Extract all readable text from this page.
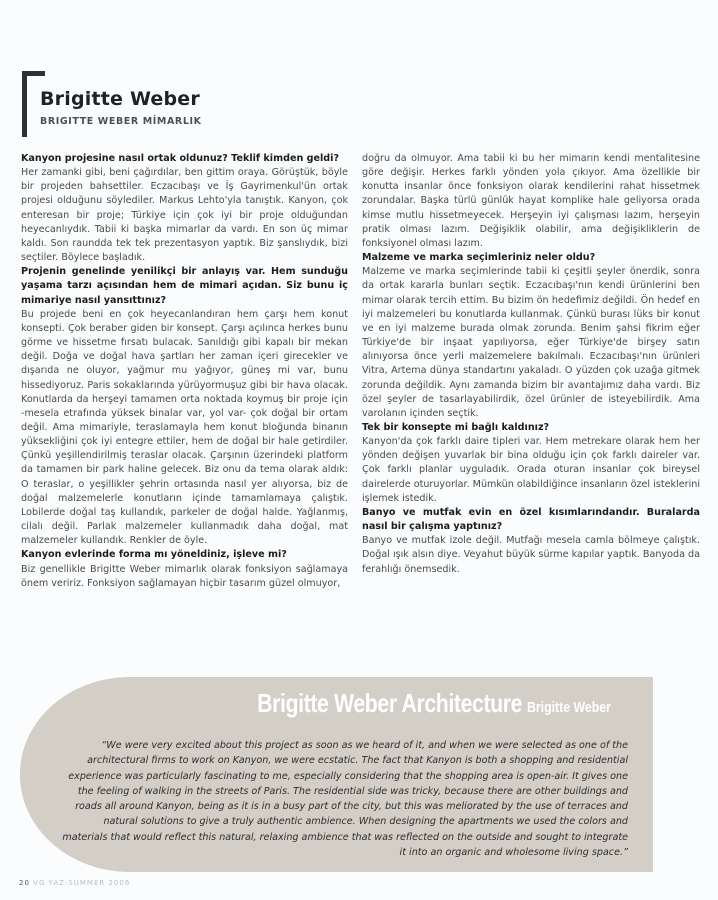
Brigitte Weber
BRIGITTE WEBER MİMARLIK

Kanyon projesine nasıl ortak oldunuz? Teklif kimden geldi?

Her zamanki gibi, beni çağırdılar, ben gittim oraya. Görüştük, böyle bir projeden bahsettiler. Eczacıbaşı ve İş Gayrimenkul'ün ortak projesi olduğunu söylediler. Markus Lehto'yla tanıştık. Kanyon, çok enteresan bir proje; Türkiye için çok iyi bir proje olduğundan heyecanlıydık. Tabii ki başka mimarlar da vardı. En son üç mimar kaldı. Son raundda tek tek prezentasyon yaptık. Biz şanslıydık, bizi seçtiler. Böylece başladık.

Projenin genelinde yenilikçi bir anlayış var. Hem sunduğu yaşama tarzı açısından hem de mimari açıdan. Siz bunu iç mimariye nasıl yansıttınız?

Bu projede beni en çok heyecanlandıran hem çarşı hem konut konsepti. Çok beraber giden bir konsept. Çarşı açılınca herkes bunu görme ve hissetme fırsatı bulacak. Sanıldığı gibi kapalı bir mekan değil. Doğa ve doğal hava şartları her zaman içeri girecekler ve dışarıda ne oluyor, yağmur mu yağıyor, güneş mi var, bunu hissediyoruz. Paris sokaklarında yürüyormuşuz gibi bir hava olacak. Konutlarda da herşeyi tamamen orta noktada koymuş bir proje için -mesela etrafında yüksek binalar var, yol var- çok doğal bir ortam değil. Ama mimariyle, teraslamayla hem konut bloğunda binanın yüksekliğini çok iyi entegre ettiler, hem de doğal bir hale getirdiler. Çünkü yeşillendirilmiş teraslar olacak. Çarşının üzerindeki platform da tamamen bir park haline gelecek. Biz onu da tema olarak aldık: O teraslar, o yeşillikler şehrin ortasında nasıl yer alıyorsa, biz de doğal malzemelerle konutların içinde tamamlamaya çalıştık. Lobilerde doğal taş kullandık, parkeler de doğal halde. Yağlanmış, cilalı değil. Parlak malzemeler kullanmadık daha doğal, mat malzemeler kullandık. Renkler de öyle.

Kanyon evlerinde forma mı yöneldiniz, işleve mi?

Biz genellikle Brigitte Weber mimarlık olarak fonksiyon sağlamaya önem veririz. Fonksiyon sağlamayan hiçbir tasarım güzel olmuyor,

doğru da olmuyor. Ama tabii ki bu her mimarın kendi mentalitesine göre değişir. Herkes farklı yönden yola çıkıyor. Ama özellikle bir konutta insanlar önce fonksiyon olarak kendilerini rahat hissetmek zorundalar. Başka türlü günlük hayat komplike hale geliyorsa orada kimse mutlu hissetmeyecek. Herşeyin iyi çalışması lazım, herşeyin pratik olması lazım. Değişiklik olabilir, ama değişikliklerin de fonksiyonel olması lazım.

Malzeme ve marka seçimleriniz neler oldu?

Malzeme ve marka seçimlerinde tabii ki çeşitli şeyler önerdik, sonra da ortak kararla bunları seçtik. Eczacıbaşı'nın kendi ürünlerini ben mimar olarak tercih ettim. Bu bizim ön hedefimiz değildi. Ön hedef en iyi malzemeleri bu konutlarda kullanmak. Çünkü burası lüks bir konut ve en iyi malzeme burada olmak zorunda. Benim şahsi fikrim eğer Türkiye'de bir inşaat yapılıyorsa, eğer Türkiye'de birşey satın alınıyorsa önce yerli malzemelere bakılmalı. Eczacıbaşı'nın ürünleri Vitra, Artema dünya standartını yakaladı. O yüzden çok uzağa gitmek zorunda değildik. Aynı zamanda bizim bir avantajımız daha vardı. Biz özel şeyler de tasarlayabilirdik, özel ürünler de isteyebilirdik. Ama varolanın içinden seçtik.

Tek bir konsepte mi bağlı kaldınız?

Kanyon'da çok farklı daire tipleri var. Hem metrekare olarak hem her yönden değişen yuvarlak bir bina olduğu için çok farklı daireler var. Çok farklı planlar uyguladık. Orada oturan insanlar çok bireysel dairelerde oturuyorlar. Mümkün olabildiğince insanların özel isteklerini işlemek istedik.

Banyo ve mutfak evin en özel kısımlarındandır. Buralarda nasıl bir çalışma yaptınız?

Banyo ve mutfak izole değil. Mutfağı mesela camla bölmeye çalıştık. Doğal ışık alsın diye. Veyahut büyük sürme kapılar yaptık. Banyoda da ferahlığı önemsedik.

Brigitte Weber Architecture Brigitte Weber

“We were very excited about this project as soon as we heard of it, and when we were selected as one of the architectural firms to work on Kanyon, we were ecstatic. The fact that Kanyon is both a shopping and residential experience was particularly fascinating to me, especially considering that the shopping area is open-air. It gives one the feeling of walking in the streets of Paris. The residential side was tricky, because there are other buildings and roads all around Kanyon, being as it is in a busy part of the city, but this was meliorated by the use of terraces and natural solutions to give a truly authentic ambience. When designing the apartments we used the colors and materials that would reflect this natural, relaxing ambience that was reflected on the outside and sought to integrate it into an organic and wholesome living space.”

20 VG YAZ-SUMMER 2006
